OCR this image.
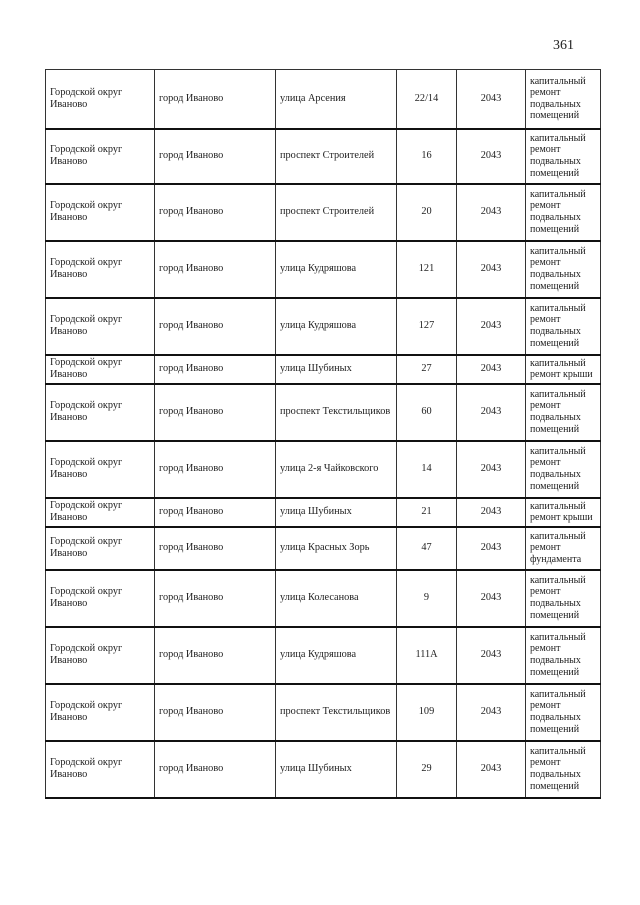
361
Городской округ Иваново	город Иваново	улица Арсения	22/14	2043	капитальный ремонт подвальных помещений
Городской округ Иваново	город Иваново	проспект Строителей	16	2043	капитальный ремонт подвальных помещений
Городской округ Иваново	город Иваново	проспект Строителей	20	2043	капитальный ремонт подвальных помещений
Городской округ Иваново	город Иваново	улица Кудряшова	121	2043	капитальный ремонт подвальных помещений
Городской округ Иваново	город Иваново	улица Кудряшова	127	2043	капитальный ремонт подвальных помещений
Городской округ Иваново	город Иваново	улица Шубиных	27	2043	капитальный ремонт крыши
Городской округ Иваново	город Иваново	проспект Текстильщиков	60	2043	капитальный ремонт подвальных помещений
Городской округ Иваново	город Иваново	улица 2-я Чайковского	14	2043	капитальный ремонт подвальных помещений
Городской округ Иваново	город Иваново	улица Шубиных	21	2043	капитальный ремонт крыши
Городской округ Иваново	город Иваново	улица Красных Зорь	47	2043	капитальный ремонт фундамента
Городской округ Иваново	город Иваново	улица Колесанова	9	2043	капитальный ремонт подвальных помещений
Городской округ Иваново	город Иваново	улица Кудряшова	111А	2043	капитальный ремонт подвальных помещений
Городской округ Иваново	город Иваново	проспект Текстильщиков	109	2043	капитальный ремонт подвальных помещений
Городской округ Иваново	город Иваново	улица Шубиных	29	2043	капитальный ремонт подвальных помещений
